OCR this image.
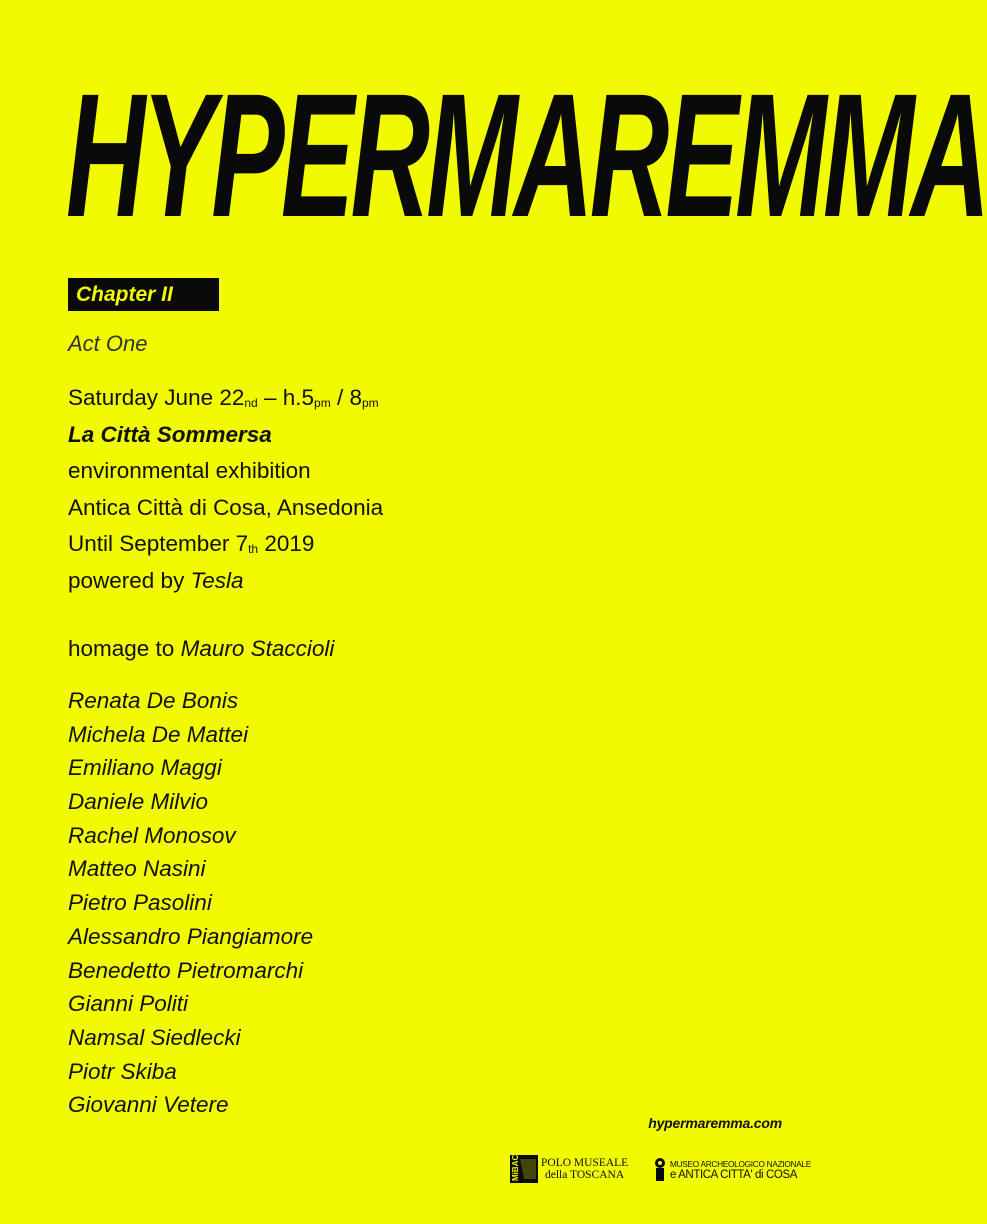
HYPERMAREMMA
Chapter II
Act One
Saturday June $22_{nd} - h.5_{pm} / 8_{pm}$
La Città Sommersa
environmental exhibition
Antica Città di Cosa, Ansedonia
Until September $7_{th}$ 2019
powered by Tesla
homage to Mauro Staccioli
Renata De Bonis
Michela De Mattei
Emiliano Maggi
Daniele Milvio
Rachel Monosov
Matteo Nasini
Pietro Pasolini
Alessandro Piangiamore
Benedetto Pietromarchi
Gianni Politi
Namsal Siedlecki
Piotr Skiba
Giovanni Vetere
hypermaremma.com
MiBAC POLO MUSEALE
della TOSCANA
MUSEO ARCHEOLOGICO NAZIONALE
e ANTICA CITTA' di COSA
